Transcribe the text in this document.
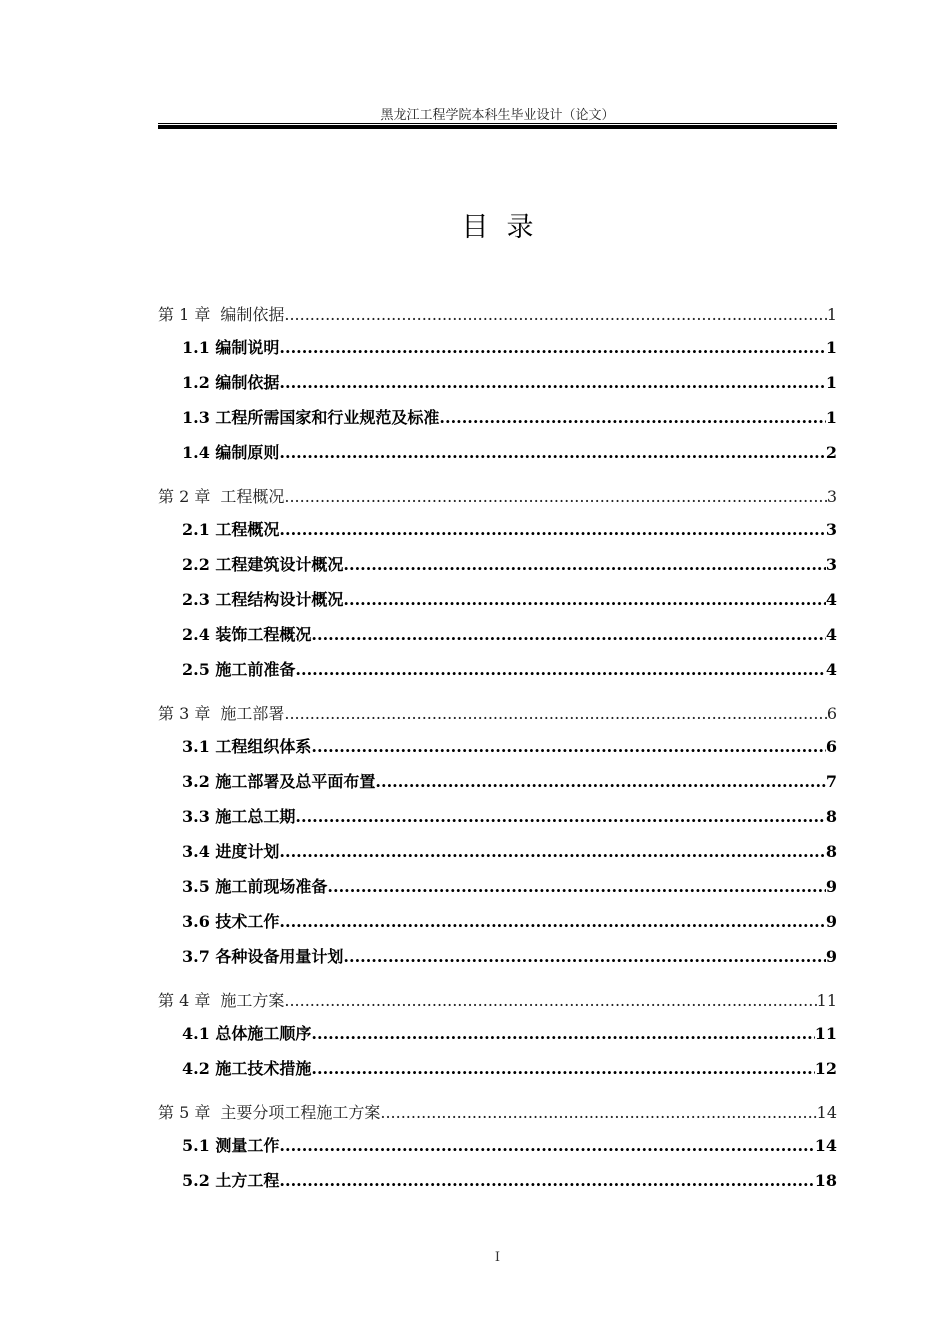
黑龙江工程学院本科生毕业设计（论文）
目录
第 1 章 编制依据 .....	1
1.1 编制说明 .....	1
1.2 编制依据 .....	1
1.3 工程所需国家和行业规范及标准 .....	1
1.4 编制原则 .....	2
第 2 章 工程概况 .....	3
2.1 工程概况 .....	3
2.2 工程建筑设计概况 .....	3
2.3 工程结构设计概况 .....	4
2.4 装饰工程概况 .....	4
2.5 施工前准备 .....	4
第 3 章 施工部署 .....	6
3.1 工程组织体系 .....	6
3.2 施工部署及总平面布置 .....	7
3.3 施工总工期 .....	8
3.4 进度计划 .....	8
3.5 施工前现场准备 .....	9
3.6 技术工作 .....	9
3.7 各种设备用量计划 .....	9
第 4 章 施工方案 .....	11
4.1 总体施工顺序 .....	11
4.2 施工技术措施 .....	12
第 5 章 主要分项工程施工方案 .....	14
5.1 测量工作 .....	14
5.2 土方工程 .....	18
I
